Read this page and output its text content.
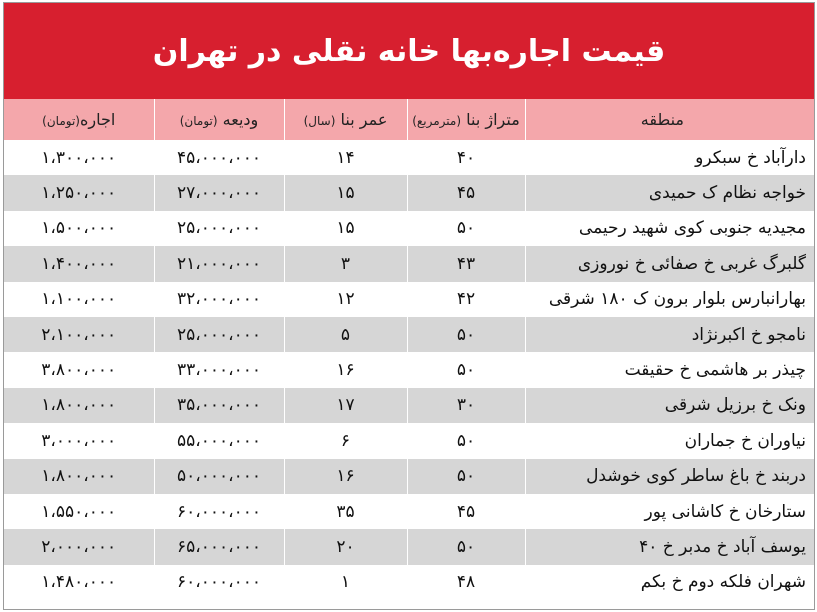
قیمت اجاره‌بها خانه نقلی در تهران
منطقه	متراژ بنا (مترمربع)	عمر بنا (سال)	ودیعه (تومان)	اجاره(تومان)
دارآباد خ سبکرو	۴۰	۱۴	۴۵،۰۰۰،۰۰۰	۱،۳۰۰،۰۰۰
خواجه نظام ک حمیدی	۴۵	۱۵	۲۷،۰۰۰،۰۰۰	۱،۲۵۰،۰۰۰
مجیدیه جنوبی کوی شهید رحیمی	۵۰	۱۵	۲۵،۰۰۰،۰۰۰	۱،۵۰۰،۰۰۰
گلبرگ غربی خ صفائی خ نوروزی	۴۳	۳	۲۱،۰۰۰،۰۰۰	۱،۴۰۰،۰۰۰
بهارانبارس بلوار برون ک ۱۸۰ شرقی	۴۲	۱۲	۳۲،۰۰۰،۰۰۰	۱،۱۰۰،۰۰۰
نامجو خ اکبرنژاد	۵۰	۵	۲۵،۰۰۰،۰۰۰	۲،۱۰۰،۰۰۰
چیذر بر هاشمی خ حقیقت	۵۰	۱۶	۳۳،۰۰۰،۰۰۰	۳،۸۰۰،۰۰۰
ونک خ برزیل شرقی	۳۰	۱۷	۳۵،۰۰۰،۰۰۰	۱،۸۰۰،۰۰۰
نیاوران خ جماران	۵۰	۶	۵۵،۰۰۰،۰۰۰	۳،۰۰۰،۰۰۰
دربند خ باغ ساطر کوی خوشدل	۵۰	۱۶	۵۰،۰۰۰،۰۰۰	۱،۸۰۰،۰۰۰
ستارخان خ کاشانی پور	۴۵	۳۵	۶۰،۰۰۰،۰۰۰	۱،۵۵۰،۰۰۰
یوسف آباد خ مدبر خ ۴۰	۵۰	۲۰	۶۵،۰۰۰،۰۰۰	۲،۰۰۰،۰۰۰
شهران فلکه دوم خ بکم	۴۸	۱	۶۰،۰۰۰،۰۰۰	۱،۴۸۰،۰۰۰
